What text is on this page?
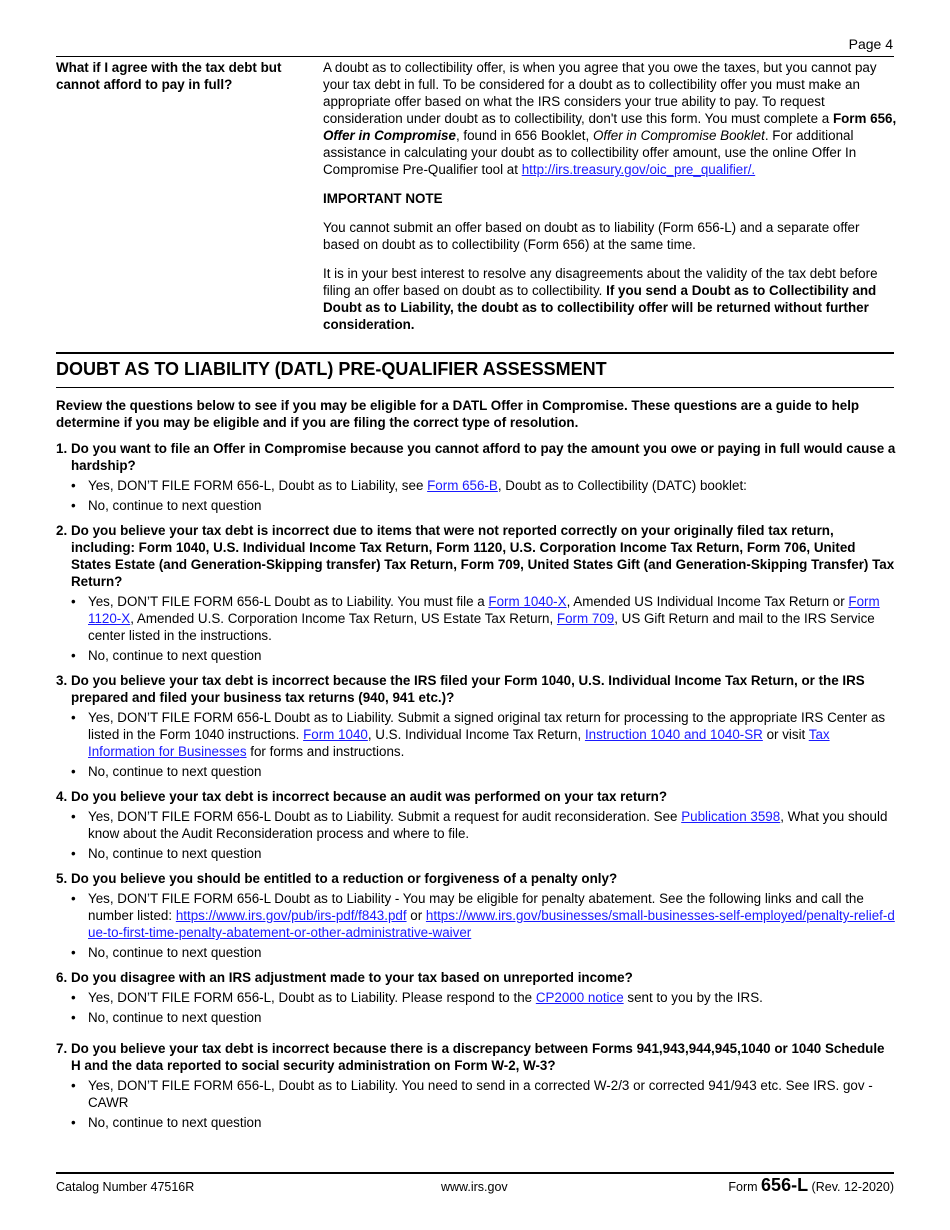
Page 4
What if I agree with the tax debt but cannot afford to pay in full?

A doubt as to collectibility offer, is when you agree that you owe the taxes, but you cannot pay your tax debt in full. To be considered for a doubt as to collectibility offer you must make an appropriate offer based on what the IRS considers your true ability to pay. To request consideration under doubt as to collectibility, don't use this form. You must complete a Form 656, Offer in Compromise, found in 656 Booklet, Offer in Compromise Booklet. For additional assistance in calculating your doubt as to collectibility offer amount, use the online Offer In Compromise Pre-Qualifier tool at http://irs.treasury.gov/oic_pre_qualifier/.

IMPORTANT NOTE

You cannot submit an offer based on doubt as to liability (Form 656-L) and a separate offer based on doubt as to collectibility (Form 656) at the same time.

It is in your best interest to resolve any disagreements about the validity of the tax debt before filing an offer based on doubt as to collectibility. If you send a Doubt as to Collectibility and Doubt as to Liability, the doubt as to collectibility offer will be returned without further consideration.

DOUBT AS TO LIABILITY (DATL) PRE-QUALIFIER ASSESSMENT
Review the questions below to see if you may be eligible for a DATL Offer in Compromise. These questions are a guide to help determine if you may be eligible and if you are filing the correct type of resolution.
1. Do you want to file an Offer in Compromise because you cannot afford to pay the amount you owe or paying in full would cause a hardship?
• Yes, DON’T FILE FORM 656-L, Doubt as to Liability, see Form 656-B, Doubt as to Collectibility (DATC) booklet:
• No, continue to next question
2. Do you believe your tax debt is incorrect due to items that were not reported correctly on your originally filed tax return, including: Form 1040, U.S. Individual Income Tax Return, Form 1120, U.S. Corporation Income Tax Return, Form 706, United States Estate (and Generation-Skipping transfer) Tax Return, Form 709, United States Gift (and Generation-Skipping Transfer) Tax Return?
• Yes, DON’T FILE FORM 656-L Doubt as to Liability. You must file a Form 1040-X, Amended US Individual Income Tax Return or Form 1120-X, Amended U.S. Corporation Income Tax Return, US Estate Tax Return, Form 709, US Gift Return and mail to the IRS Service center listed in the instructions.
• No, continue to next question
3. Do you believe your tax debt is incorrect because the IRS filed your Form 1040, U.S. Individual Income Tax Return, or the IRS prepared and filed your business tax returns (940, 941 etc.)?
• Yes, DON’T FILE FORM 656-L Doubt as to Liability. Submit a signed original tax return for processing to the appropriate IRS Center as listed in the Form 1040 instructions. Form 1040, U.S. Individual Income Tax Return, Instruction 1040 and 1040-SR or visit Tax Information for Businesses for forms and instructions.
• No, continue to next question
4. Do you believe your tax debt is incorrect because an audit was performed on your tax return?
• Yes, DON’T FILE FORM 656-L Doubt as to Liability. Submit a request for audit reconsideration. See Publication 3598, What you should know about the Audit Reconsideration process and where to file.
• No, continue to next question
5. Do you believe you should be entitled to a reduction or forgiveness of a penalty only?
• Yes, DON’T FILE FORM 656-L Doubt as to Liability - You may be eligible for penalty abatement. See the following links and call the number listed: https://www.irs.gov/pub/irs-pdf/f843.pdf or https://www.irs.gov/businesses/small-businesses-self-employed/penalty-relief-due-to-first-time-penalty-abatement-or-other-administrative-waiver
• No, continue to next question
6. Do you disagree with an IRS adjustment made to your tax based on unreported income?
• Yes, DON’T FILE FORM 656-L, Doubt as to Liability. Please respond to the CP2000 notice sent to you by the IRS.
• No, continue to next question
7. Do you believe your tax debt is incorrect because there is a discrepancy between Forms 941,943,944,945,1040 or 1040 Schedule H and the data reported to social security administration on Form W-2, W-3?
• Yes, DON’T FILE FORM 656-L, Doubt as to Liability. You need to send in a corrected W-2/3 or corrected 941/943 etc. See IRS. gov - CAWR
• No, continue to next question
Catalog Number 47516R	www.irs.gov	Form 656-L (Rev. 12-2020)
